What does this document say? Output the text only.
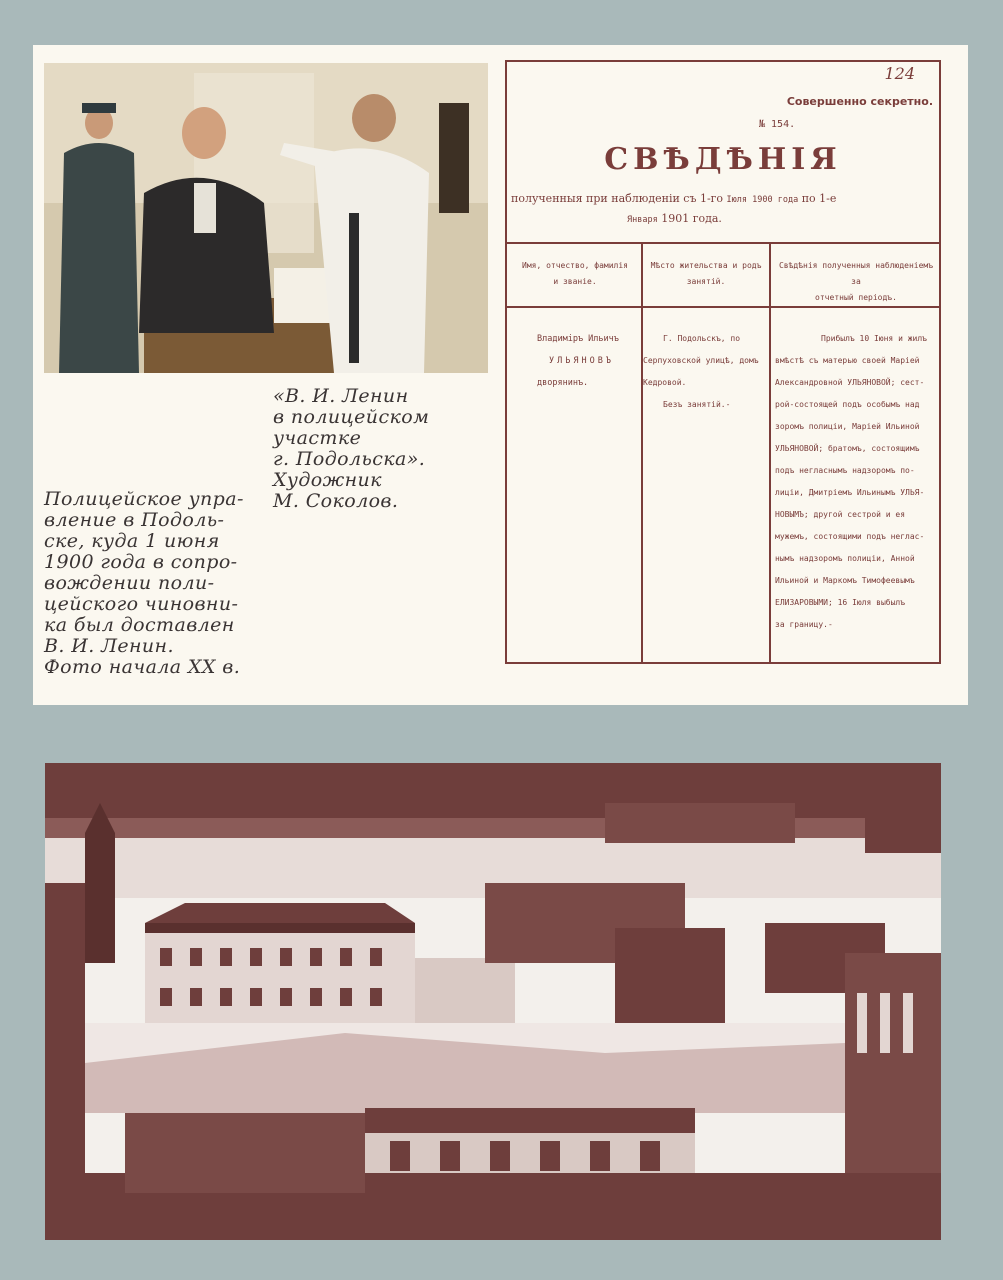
«В. И. Ленин
в полицейском
участке
г. Подольска».
Художник
М. Соколов.
Полицейское упра-
вление в Подоль-
ске, куда 1 июня
1900 года в сопро-
вождении поли-
цейского чиновни-
ка был доставлен
В. И. Ленин.
Фото начала XX в.
124
Совершенно секретно.
№ 154.
СВѢДѢНІЯ
полученныя при наблюденіи съ 1-го Іюля 1900 года по 1-е
Января 1901 года.
Имя, отчество, фамилія
и званіе.
Мѣсто жительства и родъ
занятій.
Свѣдѣнія полученныя наблюденіемъ за
отчетный періодъ.
Владиміръ Ильичъ
УЛЬЯНОВЪ
дворянинъ.
Г. Подольскъ, по
Серпуховской улицѣ, домъ
Кедровой.
Безъ занятій.-
Прибылъ 10 Іюня и жилъ
вмѣстѣ съ матерью своей Маріей
Александровной УЛЬЯНОВОЙ; сест-
рой-состоящей подъ особымъ над
зоромъ полиціи, Маріей Ильиной
УЛЬЯНОВОЙ; братомъ, состоящимъ
подъ негласнымъ надзоромъ по-
лиціи, Дмитріемъ Ильинымъ УЛЬЯ-
НОВЫМЪ; другой сестрой и ея
мужемъ, состоящими подъ неглас-
нымъ надзоромъ полиціи, Анной
Ильиной и Маркомъ Тимофеевымъ
ЕЛИЗАРОВЫМИ; 16 Іюля выбылъ
за границу.-
